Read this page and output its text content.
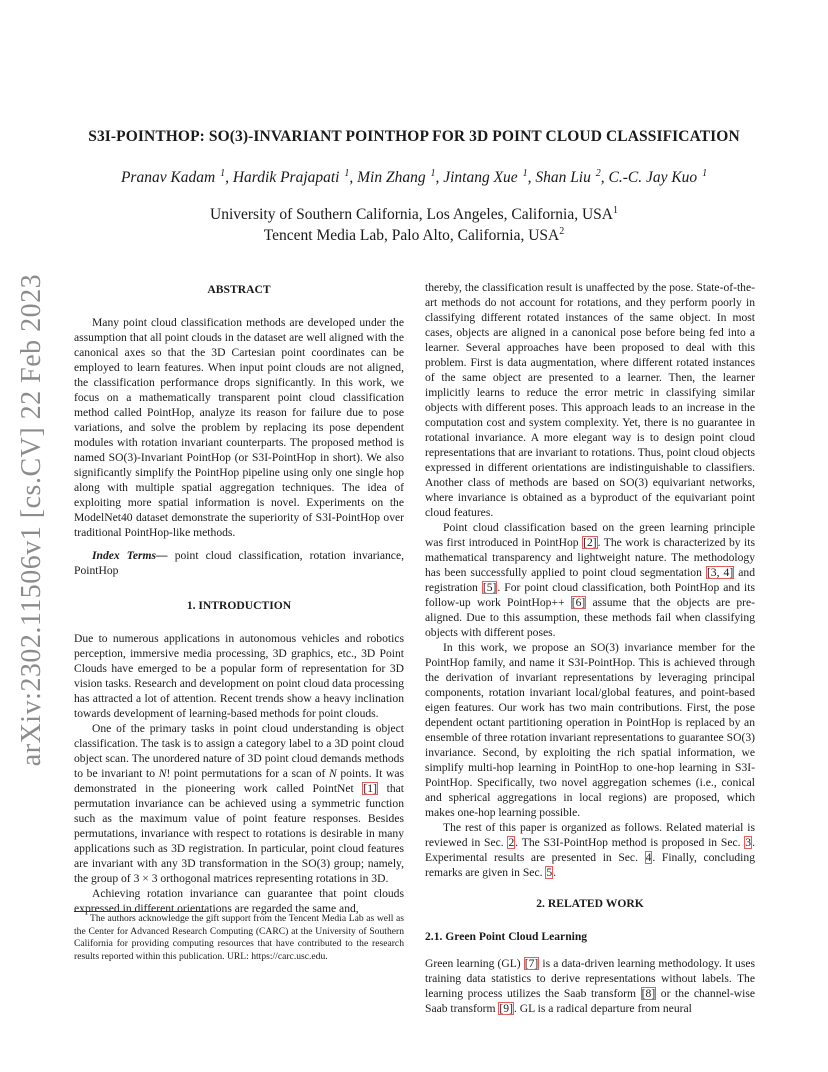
arXiv:2302.11506v1 [cs.CV] 22 Feb 2023
S3I-POINTHOP: SO(3)-INVARIANT POINTHOP FOR 3D POINT CLOUD CLASSIFICATION
Pranav Kadam $^1$, Hardik Prajapati $^1$, Min Zhang $^1$, Jintang Xue $^1$, Shan Liu $^2$, C.-C. Jay Kuo $^1$
University of Southern California, Los Angeles, California, USA$^1$
Tencent Media Lab, Palo Alto, California, USA$^2$
ABSTRACT

Many point cloud classification methods are developed under the assumption that all point clouds in the dataset are well aligned with the canonical axes so that the 3D Cartesian point coordinates can be employed to learn features. When input point clouds are not aligned, the classification performance drops significantly. In this work, we focus on a mathematically transparent point cloud classification method called PointHop, analyze its reason for failure due to pose variations, and solve the problem by replacing its pose dependent modules with rotation invariant counterparts. The proposed method is named SO(3)-Invariant PointHop (or S3I-PointHop in short). We also significantly simplify the PointHop pipeline using only one single hop along with multiple spatial aggregation techniques. The idea of exploiting more spatial information is novel. Experiments on the ModelNet40 dataset demonstrate the superiority of S3I-PointHop over traditional PointHop-like methods.

Index Terms— point cloud classification, rotation invariance, PointHop

1. INTRODUCTION

Due to numerous applications in autonomous vehicles and robotics perception, immersive media processing, 3D graphics, etc., 3D Point Clouds have emerged to be a popular form of representation for 3D vision tasks. Research and development on point cloud data processing has attracted a lot of attention. Recent trends show a heavy inclination towards development of learning-based methods for point clouds.

One of the primary tasks in point cloud understanding is object classification. The task is to assign a category label to a 3D point cloud object scan. The unordered nature of 3D point cloud demands methods to be invariant to N! point permutations for a scan of N points. It was demonstrated in the pioneering work called PointNet [1] that permutation invariance can be achieved using a symmetric function such as the maximum value of point feature responses. Besides permutations, invariance with respect to rotations is desirable in many applications such as 3D registration. In particular, point cloud features are invariant with any 3D transformation in the SO(3) group; namely, the group of 3 × 3 orthogonal matrices representing rotations in 3D.

Achieving rotation invariance can guarantee that point clouds expressed in different orientations are regarded the same and,

The authors acknowledge the gift support from the Tencent Media Lab as well as the Center for Advanced Research Computing (CARC) at the University of Southern California for providing computing resources that have contributed to the research results reported within this publication. URL: https://carc.usc.edu.

thereby, the classification result is unaffected by the pose. State-of-the-art methods do not account for rotations, and they perform poorly in classifying different rotated instances of the same object. In most cases, objects are aligned in a canonical pose before being fed into a learner. Several approaches have been proposed to deal with this problem. First is data augmentation, where different rotated instances of the same object are presented to a learner. Then, the learner implicitly learns to reduce the error metric in classifying similar objects with different poses. This approach leads to an increase in the computation cost and system complexity. Yet, there is no guarantee in rotational invariance. A more elegant way is to design point cloud representations that are invariant to rotations. Thus, point cloud objects expressed in different orientations are indistinguishable to classifiers. Another class of methods are based on SO(3) equivariant networks, where invariance is obtained as a byproduct of the equivariant point cloud features.

Point cloud classification based on the green learning principle was first introduced in PointHop [2]. The work is characterized by its mathematical transparency and lightweight nature. The methodology has been successfully applied to point cloud segmentation [3, 4] and registration [5]. For point cloud classification, both PointHop and its follow-up work PointHop++ [6] assume that the objects are pre-aligned. Due to this assumption, these methods fail when classifying objects with different poses.

In this work, we propose an SO(3) invariance member for the PointHop family, and name it S3I-PointHop. This is achieved through the derivation of invariant representations by leveraging principal components, rotation invariant local/global features, and point-based eigen features. Our work has two main contributions. First, the pose dependent octant partitioning operation in PointHop is replaced by an ensemble of three rotation invariant representations to guarantee SO(3) invariance. Second, by exploiting the rich spatial information, we simplify multi-hop learning in PointHop to one-hop learning in S3I-PointHop. Specifically, two novel aggregation schemes (i.e., conical and spherical aggregations in local regions) are proposed, which makes one-hop learning possible.

The rest of this paper is organized as follows. Related material is reviewed in Sec. 2. The S3I-PointHop method is proposed in Sec. 3. Experimental results are presented in Sec. 4. Finally, concluding remarks are given in Sec. 5.

2. RELATED WORK
2.1. Green Point Cloud Learning

Green learning (GL) [7] is a data-driven learning methodology. It uses training data statistics to derive representations without labels. The learning process utilizes the Saab transform [8] or the channel-wise Saab transform [9]. GL is a radical departure from neural
